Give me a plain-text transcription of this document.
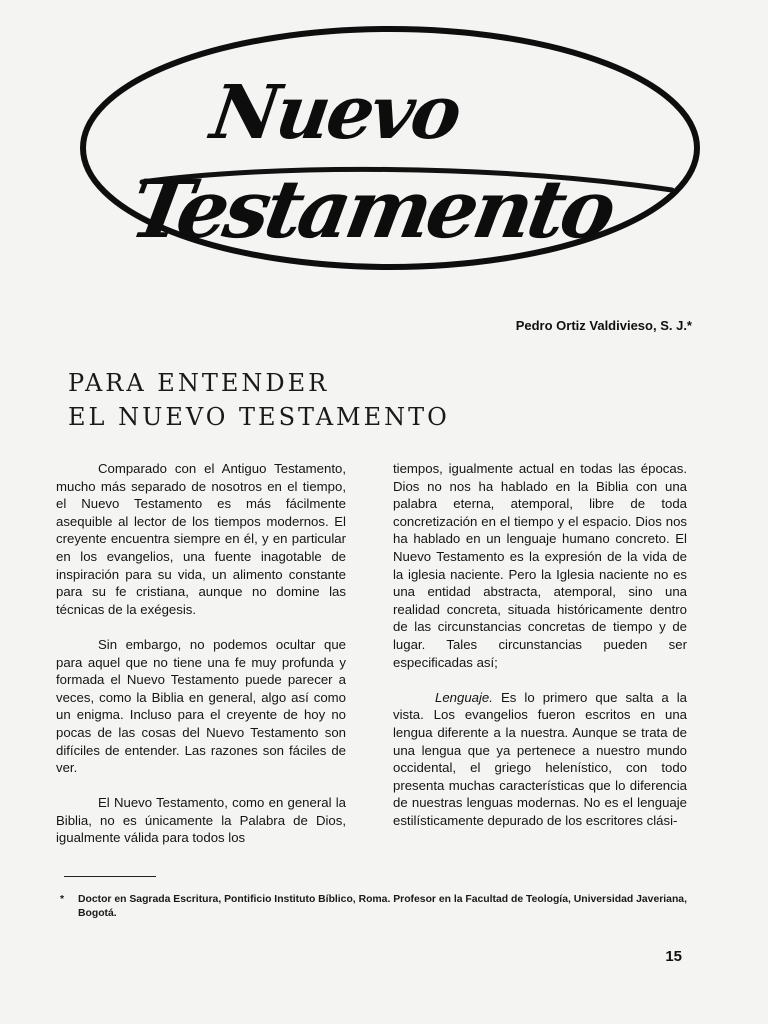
Nuevo
Testamento

Pedro Ortiz Valdivieso, S. J.*

PARA ENTENDER
EL NUEVO TESTAMENTO

Comparado con el Antiguo Testamento, mucho más separado de nosotros en el tiempo, el Nuevo Testamento es más fácilmente asequible al lector de los tiempos modernos. El creyente encuentra siempre en él, y en particular en los evangelios, una fuente inagotable de inspiración para su vida, un alimento constante para su fe cristiana, aunque no domine las técnicas de la exégesis.

Sin embargo, no podemos ocultar que para aquel que no tiene una fe muy profunda y formada el Nuevo Testamento puede parecer a veces, como la Biblia en general, algo así como un enigma. Incluso para el creyente de hoy no pocas de las cosas del Nuevo Testamento son difíciles de entender. Las razones son fáciles de ver.

El Nuevo Testamento, como en general la Biblia, no es únicamente la Palabra de Dios, igualmente válida para todos los

tiempos, igualmente actual en todas las épocas. Dios no nos ha hablado en la Biblia con una palabra eterna, atemporal, libre de toda concretización en el tiempo y el espacio. Dios nos ha hablado en un lenguaje humano concreto. El Nuevo Testamento es la expresión de la vida de la iglesia naciente. Pero la Iglesia naciente no es una entidad abstracta, atemporal, sino una realidad concreta, situada históricamente dentro de las circunstancias concretas de tiempo y de lugar. Tales circunstancias pueden ser especificadas así;

Lenguaje. Es lo primero que salta a la vista. Los evangelios fueron escritos en una lengua diferente a la nuestra. Aunque se trata de una lengua que ya pertenece a nuestro mundo occidental, el griego helenístico, con todo presenta muchas características que lo diferencia de nuestras lenguas modernas. No es el lenguaje estilísticamente depurado de los escritores clási-

* Doctor en Sagrada Escritura, Pontificio Instituto Bíblico, Roma. Profesor en la Facultad de Teología, Universidad Javeriana, Bogotá.

15
